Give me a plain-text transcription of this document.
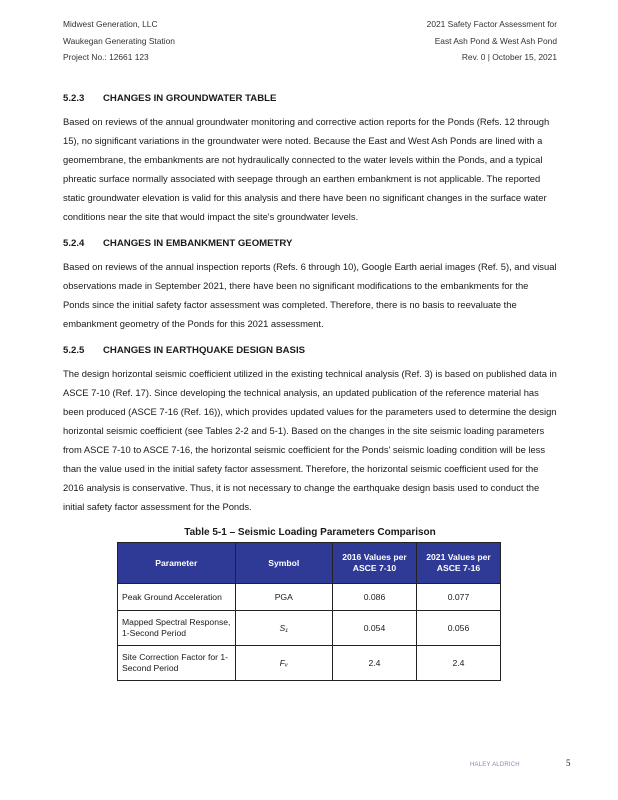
Midwest Generation, LLC
Waukegan Generating Station
Project No.: 12661 123
2021 Safety Factor Assessment for
East Ash Pond & West Ash Pond
Rev. 0 | October 15, 2021
5.2.3 CHANGES IN GROUNDWATER TABLE

Based on reviews of the annual groundwater monitoring and corrective action reports for the Ponds (Refs. 12 through 15), no significant variations in the groundwater were noted. Because the East and West Ash Ponds are lined with a geomembrane, the embankments are not hydraulically connected to the water levels within the Ponds, and a typical phreatic surface normally associated with seepage through an earthen embankment is not applicable. The reported static groundwater elevation is valid for this analysis and there have been no significant changes in the surface water conditions near the site that would impact the site's groundwater levels.

5.2.4 CHANGES IN EMBANKMENT GEOMETRY

Based on reviews of the annual inspection reports (Refs. 6 through 10), Google Earth aerial images (Ref. 5), and visual observations made in September 2021, there have been no significant modifications to the embankments for the Ponds since the initial safety factor assessment was completed. Therefore, there is no basis to reevaluate the embankment geometry of the Ponds for this 2021 assessment.

5.2.5 CHANGES IN EARTHQUAKE DESIGN BASIS

The design horizontal seismic coefficient utilized in the existing technical analysis (Ref. 3) is based on published data in ASCE 7-10 (Ref. 17). Since developing the technical analysis, an updated publication of the reference material has been produced (ASCE 7-16 (Ref. 16)), which provides updated values for the parameters used to determine the design horizontal seismic coefficient (see Tables 2-2 and 5-1). Based on the changes in the site seismic loading parameters from ASCE 7-10 to ASCE 7-16, the horizontal seismic coefficient for the Ponds' seismic loading condition will be less than the value used in the initial safety factor assessment. Therefore, the horizontal seismic coefficient used for the 2016 analysis is conservative. Thus, it is not necessary to change the earthquake design basis used to conduct the initial safety factor assessment for the Ponds.

Table 5-1 – Seismic Loading Parameters Comparison
Parameter	Symbol	2016 Values per ASCE 7-10	2021 Values per ASCE 7-16
Peak Ground Acceleration	PGA	0.086	0.077
Mapped Spectral Response, 1-Second Period	S₁	0.054	0.056
Site Correction Factor for 1-Second Period	Fᵥ	2.4	2.4
HALEY ALDRICH	5
